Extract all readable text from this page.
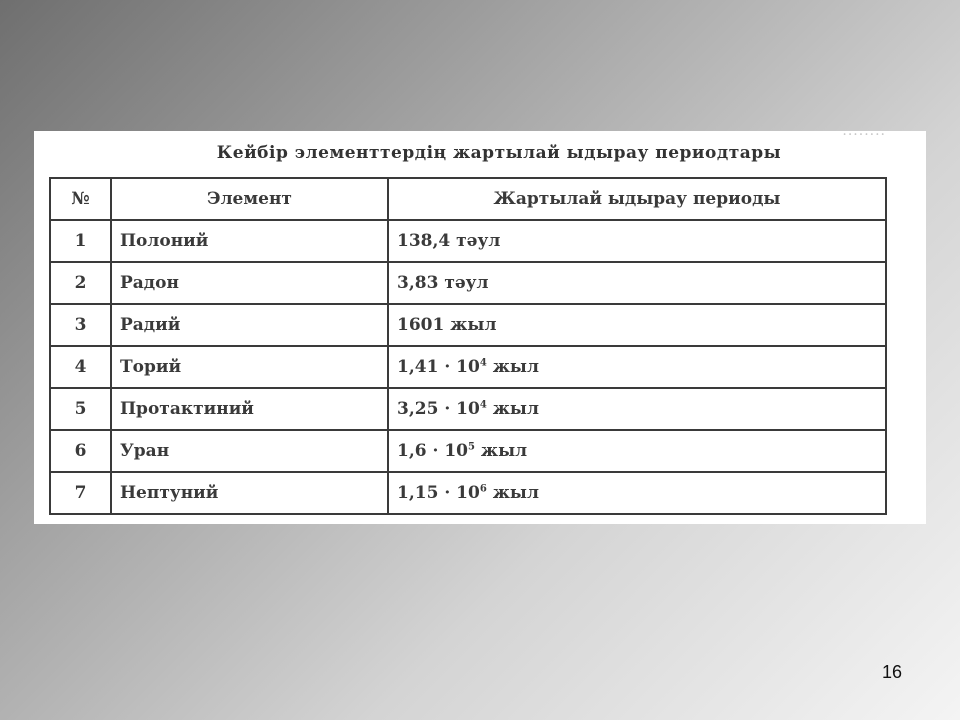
........
Кейбір элементтердің жартылай ыдырау периодтары
№	Элемент	Жартылай ыдырау периоды
1	Полоний	138,4 тәул
2	Радон	3,83 тәул
3	Радий	1601 жыл
4	Торий	$1,41 \cdot 10^4$ жыл
5	Протактиний	$3,25 \cdot 10^4$ жыл
6	Уран	$1,6 \cdot 10^5$ жыл
7	Нептуний	$1,15 \cdot 10^6$ жыл
16
